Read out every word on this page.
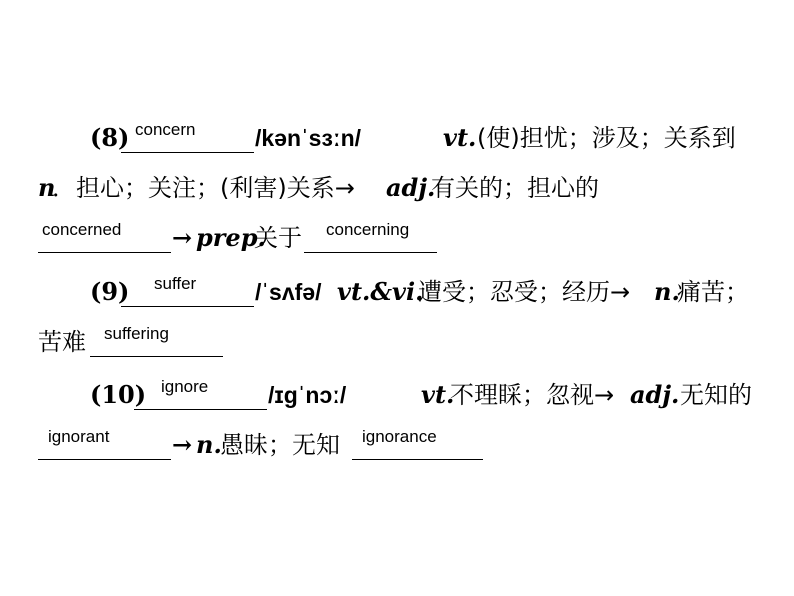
(8) concern	/kənˈsɜːn/	vt. (使)担忧；涉及；关系到
n
．担心；关注；(利害)关系→ adj.
有关的；担心的
concerned → prep.
关于 concerning
(9) suffer	/ˈsʌfə/ vt.&vi.
遭受；忍受；经历→ n.
痛苦；
苦难 suffering
(10) ignore	/ɪɡˈnɔː/	vt.
不理睬；忽视→ adj. 无知的
ignorant	→ n.
愚昧；无知 ignorance
